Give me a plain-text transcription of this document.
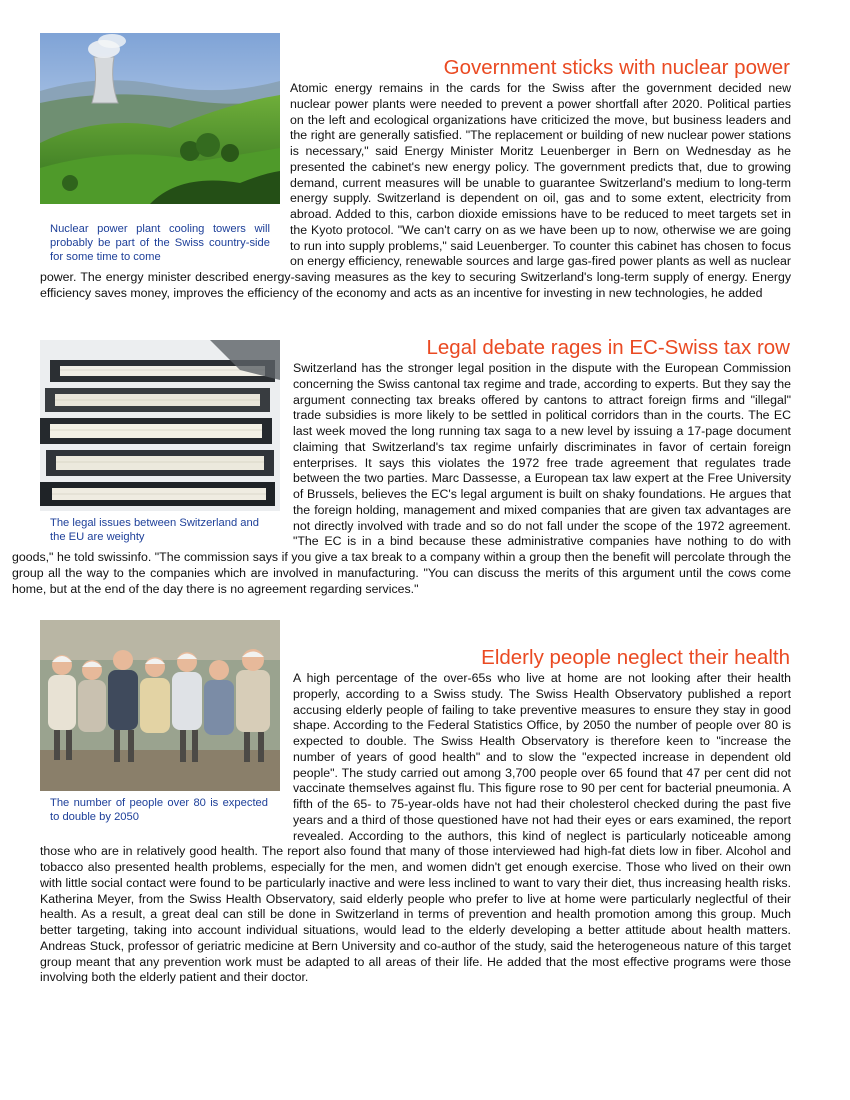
Nuclear power plant cooling towers will probably be part of the Swiss country-side for some time to come
Government sticks with nuclear power
Atomic energy remains in the cards for the Swiss after the government decided new nuclear power plants were needed to prevent a power shortfall after 2020. Political parties on the left and ecological organizations have criticized the move, but business leaders and the right are generally satisfied. "The replacement or building of new nuclear power stations is necessary," said Energy Minister Moritz Leuenberger in Bern on Wednesday as he presented the cabinet's new energy policy. The government predicts that, due to growing demand, current measures will be unable to guarantee Switzerland's medium to long-term energy supply. Switzerland is dependent on oil, gas and to some extent, electricity from abroad. Added to this, carbon dioxide emissions have to be reduced to meet targets set in the Kyoto protocol. "We can't carry on as we have been up to now, otherwise we are going to run into supply problems," said Leuenberger. To counter this cabinet has chosen to focus on energy efficiency, renewable sources and large gas-fired power plants as well as nuclear power. The energy minister described energy-saving measures as the key to securing Switzerland's long-term supply of energy. Energy efficiency saves money, improves the efficiency of the economy and acts as an incentive for investing in new technologies, he added
The legal issues between Switzerland and the EU are weighty
Legal debate rages in EC-Swiss tax row
Switzerland has the stronger legal position in the dispute with the European Commission concerning the Swiss cantonal tax regime and trade, according to experts. But they say the argument connecting tax breaks offered by cantons to attract foreign firms and "illegal" trade subsidies is more likely to be settled in political corridors than in the courts. The EC last week moved the long running tax saga to a new level by issuing a 17-page document claiming that Switzerland's tax regime unfairly discriminates in favor of certain foreign enterprises. It says this violates the 1972 free trade agreement that regulates trade between the two parties. Marc Dassesse, a European tax law expert at the Free University of Brussels, believes the EC's legal argument is built on shaky foundations. He argues that the foreign holding, management and mixed companies that are given tax advantages are not directly involved with trade and so do not fall under the scope of the 1972 agreement. "The EC is in a bind because these administrative companies have nothing to do with goods," he told swissinfo. "The commission says if you give a tax break to a company within a group then the benefit will percolate through the group all the way to the companies which are involved in manufacturing. "You can discuss the merits of this argument until the cows come home, but at the end of the day there is no agreement regarding services."
The number of people over 80 is expected to double by 2050
Elderly people neglect their health
A high percentage of the over-65s who live at home are not looking after their health properly, according to a Swiss study. The Swiss Health Observatory published a report accusing elderly people of failing to take preventive measures to ensure they stay in good shape. According to the Federal Statistics Office, by 2050 the number of people over 80 is expected to double. The Swiss Health Observatory is therefore keen to "increase the number of years of good health" and to slow the "expected increase in dependent old people". The study carried out among 3,700 people over 65 found that 47 per cent did not vaccinate themselves against flu. This figure rose to 90 per cent for bacterial pneumonia. A fifth of the 65- to 75-year-olds have not had their cholesterol checked during the past five years and a third of those questioned have not had their eyes or ears examined, the report revealed. According to the authors, this kind of neglect is particularly noticeable among those who are in relatively good health. The report also found that many of those interviewed had high-fat diets low in fiber. Alcohol and tobacco also presented health problems, especially for the men, and women didn't get enough exercise. Those who lived on their own with little social contact were found to be particularly inactive and were less inclined to want to vary their diet, thus increasing health risks. Katherina Meyer, from the Swiss Health Observatory, said elderly people who prefer to live at home were particularly neglectful of their health. As a result, a great deal can still be done in Switzerland in terms of prevention and health promotion among this group. Much better targeting, taking into account individual situations, would lead to the elderly developing a better attitude about health matters. Andreas Stuck, professor of geriatric medicine at Bern University and co-author of the study, said the heterogeneous nature of this target group meant that any prevention work must be adapted to all areas of their life. He added that the most effective programs were those involving both the elderly patient and their doctor.
